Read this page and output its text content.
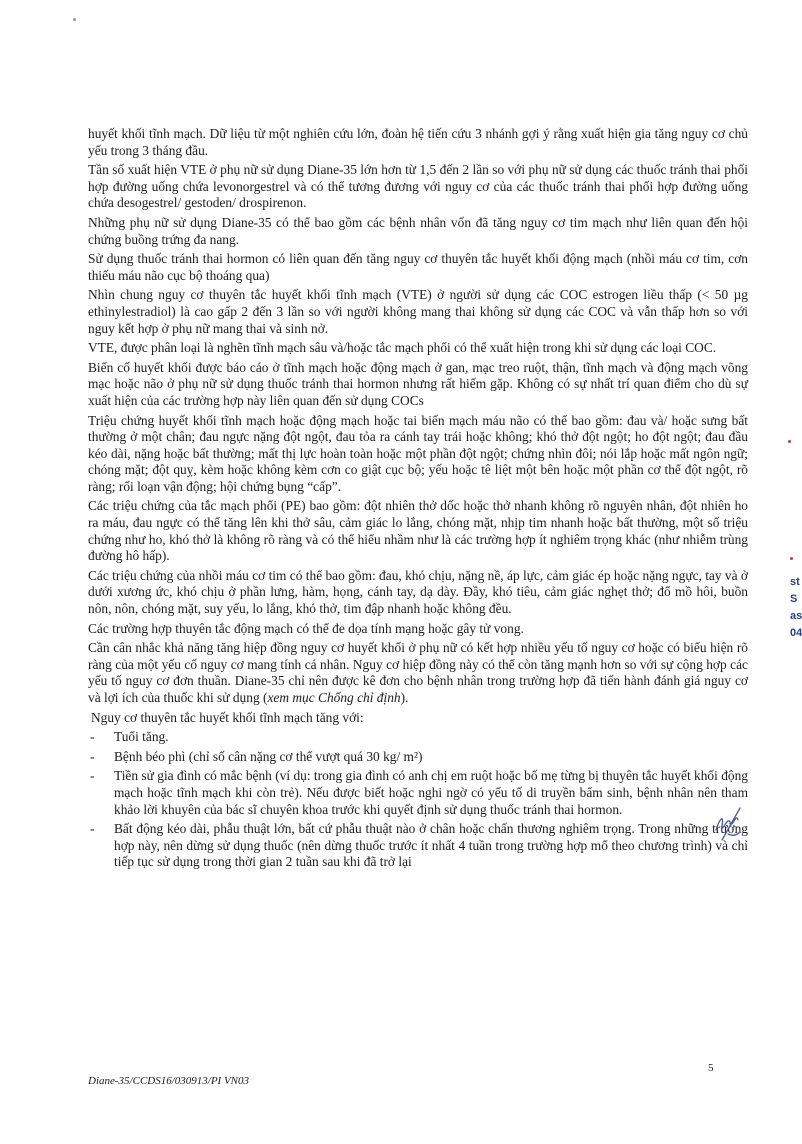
huyết khối tĩnh mạch. Dữ liệu từ một nghiên cứu lớn, đoàn hệ tiến cứu 3 nhánh gợi ý rằng xuất hiện gia tăng nguy cơ chủ yếu trong 3 tháng đầu.

Tần số xuất hiện VTE ở phụ nữ sử dụng Diane-35 lớn hơn từ 1,5 đến 2 lần so với phụ nữ sử dụng các thuốc tránh thai phối hợp đường uống chứa levonorgestrel và có thể tương đương với nguy cơ của các thuốc tránh thai phối hợp đường uống chứa desogestrel/ gestoden/ drospirenon.

Những phụ nữ sử dụng Diane-35 có thể bao gồm các bệnh nhân vốn đã tăng nguy cơ tim mạch như liên quan đến hội chứng buồng trứng đa nang.

Sử dụng thuốc tránh thai hormon có liên quan đến tăng nguy cơ thuyên tắc huyết khối động mạch (nhồi máu cơ tim, cơn thiếu máu não cục bộ thoáng qua)

Nhìn chung nguy cơ thuyên tắc huyết khối tĩnh mạch (VTE) ở người sử dụng các COC estrogen liều thấp (< 50 µg ethinylestradiol) là cao gấp 2 đến 3 lần so với người không mang thai không sử dụng các COC và vẫn thấp hơn so với nguy kết hợp ở phụ nữ mang thai và sinh nở.

VTE, được phân loại là nghẽn tĩnh mạch sâu và/hoặc tắc mạch phổi có thể xuất hiện trong khi sử dụng các loại COC.

Biến cố huyết khối được báo cáo ở tĩnh mạch hoặc động mạch ở gan, mạc treo ruột, thận, tĩnh mạch và động mạch võng mạc hoặc não ở phụ nữ sử dụng thuốc tránh thai hormon nhưng rất hiếm gặp. Không có sự nhất trí quan điểm cho dù sự xuất hiện của các trường hợp này liên quan đến sử dụng COCs

Triệu chứng huyết khối tĩnh mạch hoặc động mạch hoặc tai biến mạch máu não có thể bao gồm: đau và/ hoặc sưng bất thường ở một chân; đau ngực nặng đột ngột, đau tỏa ra cánh tay trái hoặc không; khó thở đột ngột; ho đột ngột; đau đầu kéo dài, nặng hoặc bất thường; mất thị lực hoàn toàn hoặc một phần đột ngột; chứng nhìn đôi; nói lắp hoặc mất ngôn ngữ; chóng mặt; đột quỵ, kèm hoặc không kèm cơn co giật cục bộ; yếu hoặc tê liệt một bên hoặc một phần cơ thể đột ngột, rõ ràng; rối loạn vận động; hội chứng bụng “cấp”.

Các triệu chứng của tắc mạch phổi (PE) bao gồm: đột nhiên thở dốc hoặc thở nhanh không rõ nguyên nhân, đột nhiên ho ra máu, đau ngực có thể tăng lên khi thở sâu, cảm giác lo lắng, chóng mặt, nhịp tim nhanh hoặc bất thường, một số triệu chứng như ho, khó thở là không rõ ràng và có thể hiểu nhầm như là các trường hợp ít nghiêm trọng khác (như nhiễm trùng đường hô hấp).

Các triệu chứng của nhồi máu cơ tim có thể bao gồm: đau, khó chịu, nặng nề, áp lực, cảm giác ép hoặc nặng ngực, tay và ở dưới xương ức, khó chịu ở phần lưng, hàm, họng, cánh tay, dạ dày. Đầy, khó tiêu, cảm giác nghẹt thở; đổ mồ hôi, buồn nôn, nôn, chóng mặt, suy yếu, lo lắng, khó thở, tim đập nhanh hoặc không đều.

Các trường hợp thuyên tắc động mạch có thể đe dọa tính mạng hoặc gây tử vong.

Cần cân nhắc khả năng tăng hiệp đồng nguy cơ huyết khối ở phụ nữ có kết hợp nhiều yếu tố nguy cơ hoặc có biểu hiện rõ ràng của một yếu cố nguy cơ mang tính cá nhân. Nguy cơ hiệp đồng này có thể còn tăng mạnh hơn so với sự cộng hợp các yếu tố nguy cơ đơn thuần. Diane-35 chỉ nên được kê đơn cho bệnh nhân trong trường hợp đã tiến hành đánh giá nguy cơ và lợi ích của thuốc khi sử dụng (xem mục Chống chỉ định).

Nguy cơ thuyên tắc huyết khối tĩnh mạch tăng với:

- Tuổi tăng.
- Bệnh béo phì (chỉ số cân nặng cơ thể vượt quá 30 kg/ m²)
- Tiền sử gia đình có mắc bệnh (ví dụ: trong gia đình có anh chị em ruột hoặc bố mẹ từng bị thuyên tắc huyết khối động mạch hoặc tĩnh mạch khi còn trẻ). Nếu được biết hoặc nghi ngờ có yếu tố di truyền bẩm sinh, bệnh nhân nên tham khảo lời khuyên của bác sĩ chuyên khoa trước khi quyết định sử dụng thuốc tránh thai hormon.
- Bất động kéo dài, phẫu thuật lớn, bất cứ phẫu thuật nào ở chân hoặc chấn thương nghiêm trọng. Trong những trường hợp này, nên dừng sử dụng thuốc (nên dừng thuốc trước ít nhất 4 tuần trong trường hợp mổ theo chương trình) và chỉ tiếp tục sử dụng trong thời gian 2 tuần sau khi đã trở lại
5
Diane-35/CCDS16/030913/PI VN03
st
S
as
04
